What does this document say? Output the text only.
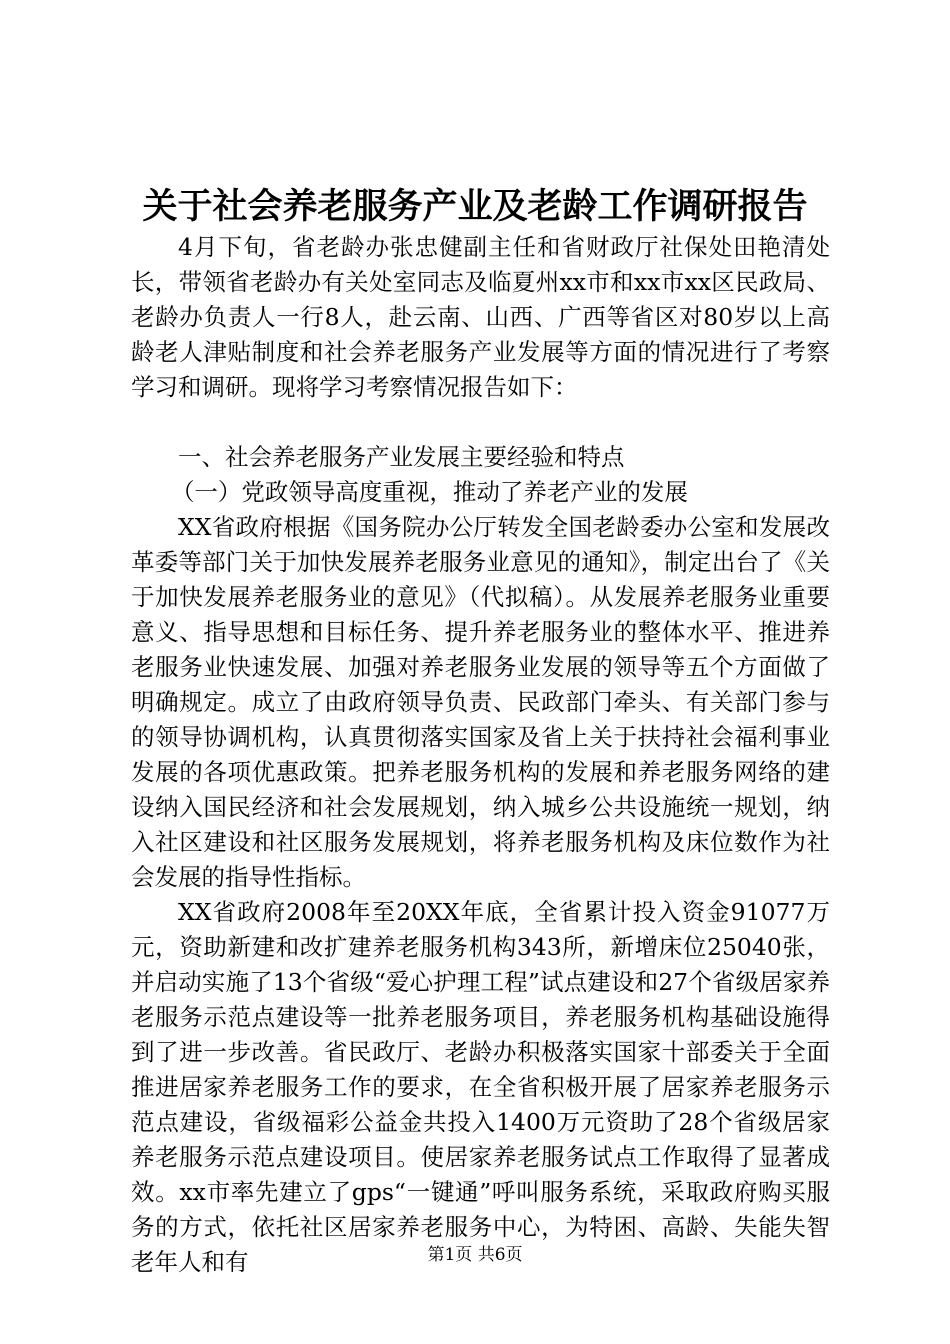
关于社会养老服务产业及老龄工作调研报告

4月下旬，省老龄办张忠健副主任和省财政厅社保处田艳清处长，带领省老龄办有关处室同志及临夏州xx市和xx市xx区民政局、老龄办负责人一行8人，赴云南、山西、广西等省区对80岁以上高龄老人津贴制度和社会养老服务产业发展等方面的情况进行了考察学习和调研。现将学习考察情况报告如下：

一、社会养老服务产业发展主要经验和特点

（一）党政领导高度重视，推动了养老产业的发展

XX省政府根据《国务院办公厅转发全国老龄委办公室和发展改革委等部门关于加快发展养老服务业意见的通知》，制定出台了《关于加快发展养老服务业的意见》（代拟稿）。从发展养老服务业重要意义、指导思想和目标任务、提升养老服务业的整体水平、推进养老服务业快速发展、加强对养老服务业发展的领导等五个方面做了明确规定。成立了由政府领导负责、民政部门牵头、有关部门参与的领导协调机构，认真贯彻落实国家及省上关于扶持社会福利事业发展的各项优惠政策。把养老服务机构的发展和养老服务网络的建设纳入国民经济和社会发展规划，纳入城乡公共设施统一规划，纳入社区建设和社区服务发展规划，将养老服务机构及床位数作为社会发展的指导性指标。

XX省政府2008年至20XX年底，全省累计投入资金91077万元，资助新建和改扩建养老服务机构343所，新增床位25040张，并启动实施了13个省级“爱心护理工程”试点建设和27个省级居家养老服务示范点建设等一批养老服务项目，养老服务机构基础设施得到了进一步改善。省民政厅、老龄办积极落实国家十部委关于全面推进居家养老服务工作的要求，在全省积极开展了居家养老服务示范点建设，省级福彩公益金共投入1400万元资助了28个省级居家养老服务示范点建设项目。使居家养老服务试点工作取得了显著成效。xx市率先建立了gps“一键通”呼叫服务系统，采取政府购买服务的方式，依托社区居家养老服务中心，为特困、高龄、失能失智老年人和有	第1页 共6页
